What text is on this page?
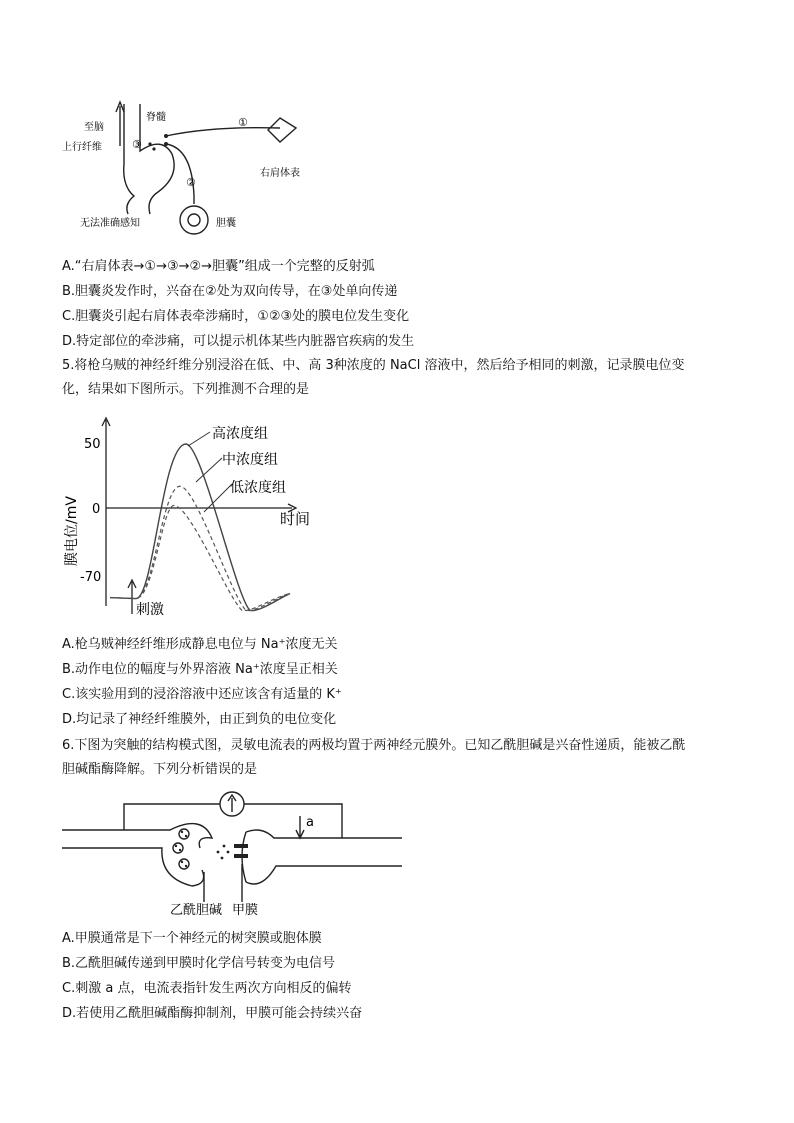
至脑
上行纤维
脊髓	①
③
②
右肩体表
无法准确感知	胆囊
A.“右肩体表→①→③→②→胆囊”组成一个完整的反射弧
B.胆囊炎发作时，兴奋在②处为双向传导，在③处单向传递
C.胆囊炎引起右肩体表牵涉痛时，①②③处的膜电位发生变化
D.特定部位的牵涉痛，可以提示机体某些内脏器官疾病的发生
5.将枪乌贼的神经纤维分别浸浴在低、中、高 3种浓度的 NaCl 溶液中，然后给予相同的刺激，记录膜电位变
化，结果如下图所示。下列推测不合理的是
50
0
-70
膜电位/mV	时间
刺激
高浓度组
中浓度组
低浓度组
A.枪乌贼神经纤维形成静息电位与 Na⁺浓度无关
B.动作电位的幅度与外界溶液 Na⁺浓度呈正相关
C.该实验用到的浸浴溶液中还应该含有适量的 K⁺
D.均记录了神经纤维膜外，由正到负的电位变化
6.下图为突触的结构模式图，灵敏电流表的两极均置于两神经元膜外。已知乙酰胆碱是兴奋性递质，能被乙酰
胆碱酯酶降解。下列分析错误的是
a
乙酰胆碱 甲膜
A.甲膜通常是下一个神经元的树突膜或胞体膜
B.乙酰胆碱传递到甲膜时化学信号转变为电信号
C.刺激 a 点，电流表指针发生两次方向相反的偏转
D.若使用乙酰胆碱酯酶抑制剂，甲膜可能会持续兴奋
